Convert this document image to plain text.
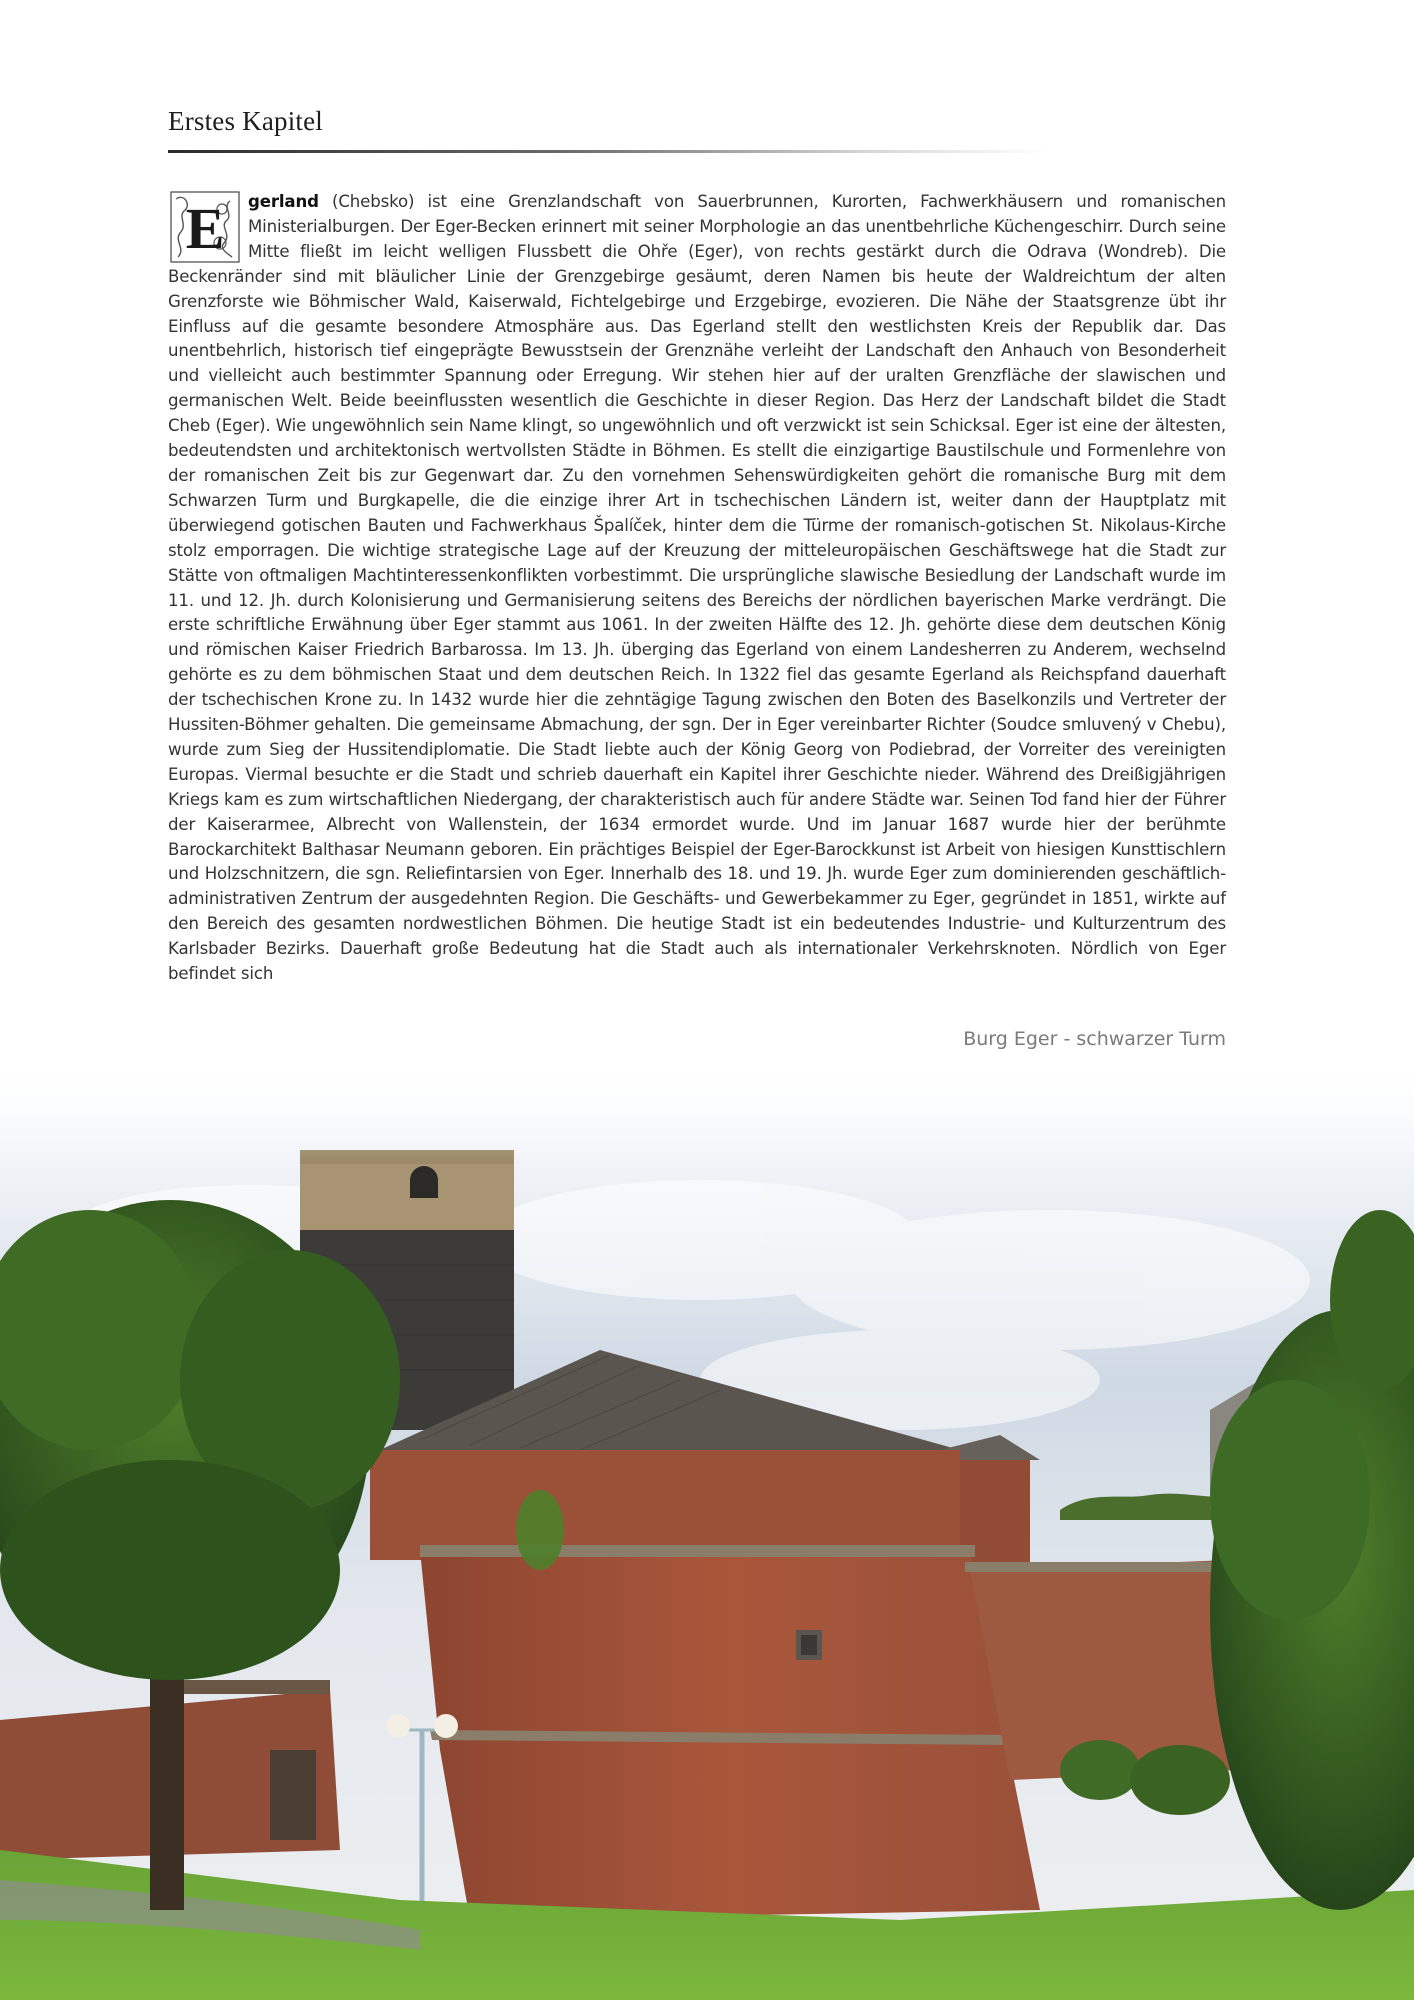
Erstes Kapitel

E gerland (Chebsko) ist eine Grenzlandschaft von Sauerbrunnen, Kurorten, Fachwerkhäusern und romanischen Ministerialburgen. Der Eger-Becken erinnert mit seiner Morphologie an das unentbehrliche Küchengeschirr. Durch seine Mitte fließt im leicht welligen Flussbett die Ohře (Eger), von rechts gestärkt durch die Odrava (Wondreb). Die Beckenränder sind mit bläulicher Linie der Grenzgebirge gesäumt, deren Namen bis heute der Waldreichtum der alten Grenzforste wie Böhmischer Wald, Kaiserwald, Fichtelgebirge und Erzgebirge, evozieren. Die Nähe der Staatsgrenze übt ihr Einfluss auf die gesamte besondere Atmosphäre aus. Das Egerland stellt den westlichsten Kreis der Republik dar. Das unentbehrlich, historisch tief eingeprägte Bewusstsein der Grenznähe verleiht der Landschaft den Anhauch von Besonderheit und vielleicht auch bestimmter Spannung oder Erregung. Wir stehen hier auf der uralten Grenzfläche der slawischen und germanischen Welt. Beide beeinflussten wesentlich die Geschichte in dieser Region. Das Herz der Landschaft bildet die Stadt Cheb (Eger). Wie ungewöhnlich sein Name klingt, so ungewöhnlich und oft verzwickt ist sein Schicksal. Eger ist eine der ältesten, bedeutendsten und architektonisch wertvollsten Städte in Böhmen. Es stellt die einzigartige Baustilschule und Formenlehre von der romanischen Zeit bis zur Gegenwart dar. Zu den vornehmen Sehenswürdigkeiten gehört die romanische Burg mit dem Schwarzen Turm und Burgkapelle, die die einzige ihrer Art in tschechischen Ländern ist, weiter dann der Hauptplatz mit überwiegend gotischen Bauten und Fachwerkhaus Špalíček, hinter dem die Türme der romanisch-gotischen St. Nikolaus-Kirche stolz emporragen. Die wichtige strategische Lage auf der Kreuzung der mitteleuropäischen Geschäftswege hat die Stadt zur Stätte von oftmaligen Machtinteressenkonflikten vorbestimmt. Die ursprüngliche slawische Besiedlung der Landschaft wurde im 11. und 12. Jh. durch Kolonisierung und Germanisierung seitens des Bereichs der nördlichen bayerischen Marke verdrängt. Die erste schriftliche Erwähnung über Eger stammt aus 1061. In der zweiten Hälfte des 12. Jh. gehörte diese dem deutschen König und römischen Kaiser Friedrich Barbarossa. Im 13. Jh. überging das Egerland von einem Landesherren zu Anderem, wechselnd gehörte es zu dem böhmischen Staat und dem deutschen Reich. In 1322 fiel das gesamte Egerland als Reichspfand dauerhaft der tschechischen Krone zu. In 1432 wurde hier die zehntägige Tagung zwischen den Boten des Baselkonzils und Vertreter der Hussiten-Böhmer gehalten. Die gemeinsame Abmachung, der sgn. Der in Eger vereinbarter Richter (Soudce smluvený v Chebu), wurde zum Sieg der Hussitendiplomatie. Die Stadt liebte auch der König Georg von Podiebrad, der Vorreiter des vereinigten Europas. Viermal besuchte er die Stadt und schrieb dauerhaft ein Kapitel ihrer Geschichte nieder. Während des Dreißigjährigen Kriegs kam es zum wirtschaftlichen Niedergang, der charakteristisch auch für andere Städte war. Seinen Tod fand hier der Führer der Kaiserarmee, Albrecht von Wallenstein, der 1634 ermordet wurde. Und im Januar 1687 wurde hier der berühmte Barockarchitekt Balthasar Neumann geboren. Ein prächtiges Beispiel der Eger-Barockkunst ist Arbeit von hiesigen Kunsttischlern und Holzschnitzern, die sgn. Reliefintarsien von Eger. Innerhalb des 18. und 19. Jh. wurde Eger zum dominierenden geschäftlich-administrativen Zentrum der ausgedehnten Region. Die Geschäfts- und Gewerbekammer zu Eger, gegründet in 1851, wirkte auf den Bereich des gesamten nordwestlichen Böhmen. Die heutige Stadt ist ein bedeutendes Industrie- und Kulturzentrum des Karlsbader Bezirks. Dauerhaft große Bedeutung hat die Stadt auch als internationaler Verkehrsknoten. Nördlich von Eger befindet sich

Burg Eger - schwarzer Turm
